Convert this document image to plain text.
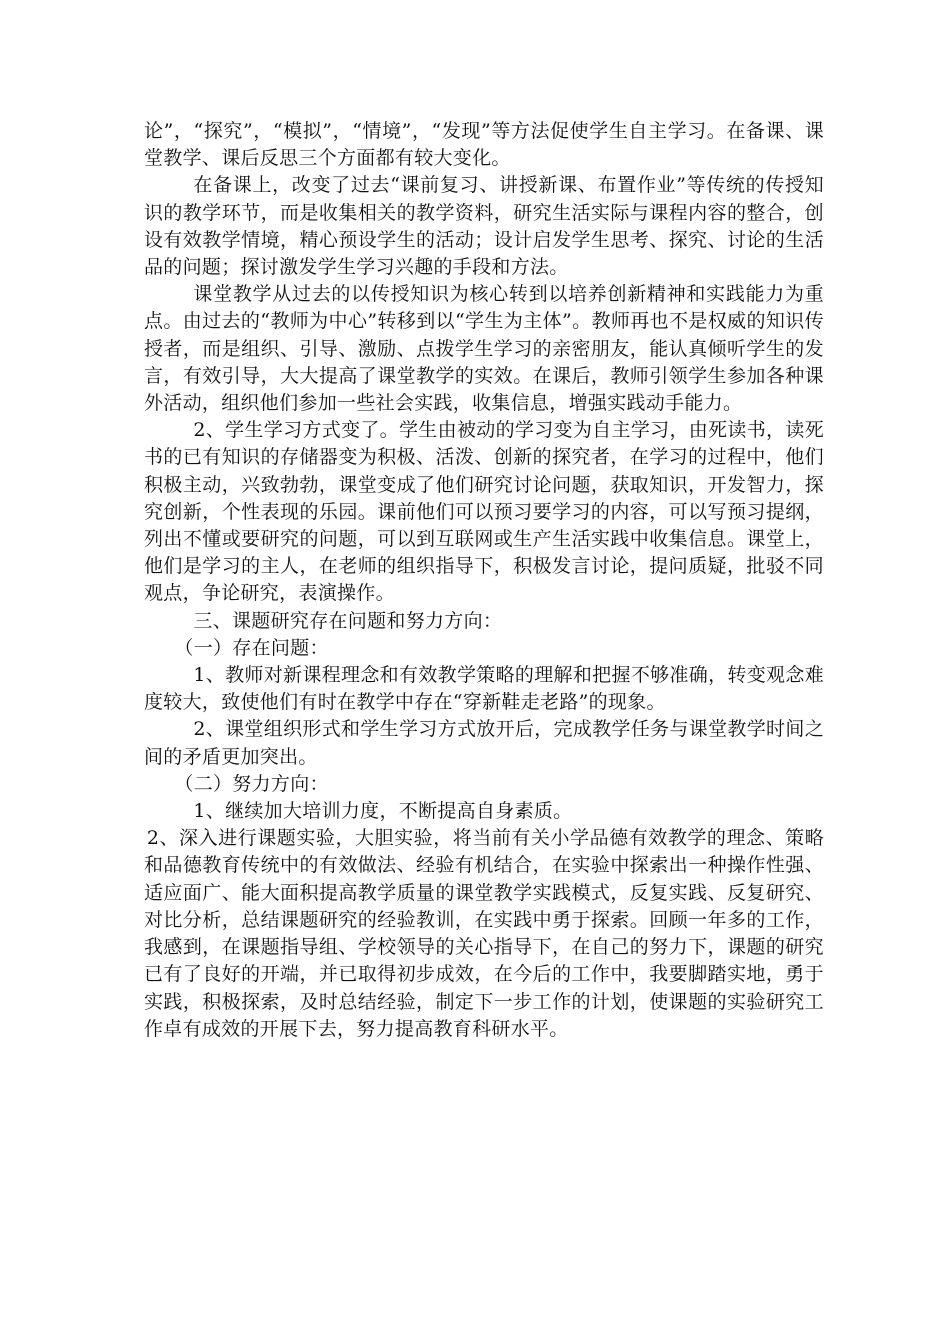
论”，“探究”，“模拟”，“情境”，“发现”等方法促使学生自主学习。在备课、课堂教学、课后反思三个方面都有较大变化。

在备课上，改变了过去“课前复习、讲授新课、布置作业”等传统的传授知识的教学环节，而是收集相关的教学资料，研究生活实际与课程内容的整合，创设有效教学情境，精心预设学生的活动；设计启发学生思考、探究、讨论的生活品的问题；探讨激发学生学习兴趣的手段和方法。

课堂教学从过去的以传授知识为核心转到以培养创新精神和实践能力为重点。由过去的“教师为中心”转移到以“学生为主体”。教师再也不是权威的知识传授者，而是组织、引导、激励、点拨学生学习的亲密朋友，能认真倾听学生的发言，有效引导，大大提高了课堂教学的实效。在课后，教师引领学生参加各种课外活动，组织他们参加一些社会实践，收集信息，增强实践动手能力。

2、学生学习方式变了。学生由被动的学习变为自主学习，由死读书，读死书的已有知识的存储器变为积极、活泼、创新的探究者，在学习的过程中，他们积极主动，兴致勃勃，课堂变成了他们研究讨论问题，获取知识，开发智力，探究创新，个性表现的乐园。课前他们可以预习要学习的内容，可以写预习提纲，列出不懂或要研究的问题，可以到互联网或生产生活实践中收集信息。课堂上，他们是学习的主人，在老师的组织指导下，积极发言讨论，提问质疑，批驳不同观点，争论研究，表演操作。

三、课题研究存在问题和努力方向：

（一）存在问题：

1、教师对新课程理念和有效教学策略的理解和把握不够准确，转变观念难度较大，致使他们有时在教学中存在“穿新鞋走老路”的现象。

2、课堂组织形式和学生学习方式放开后，完成教学任务与课堂教学时间之间的矛盾更加突出。

（二）努力方向：

1、继续加大培训力度，不断提高自身素质。

2、深入进行课题实验，大胆实验，将当前有关小学品德有效教学的理念、策略和品德教育传统中的有效做法、经验有机结合，在实验中探索出一种操作性强、适应面广、能大面积提高教学质量的课堂教学实践模式，反复实践、反复研究、对比分析，总结课题研究的经验教训，在实践中勇于探索。回顾一年多的工作，我感到，在课题指导组、学校领导的关心指导下，在自己的努力下，课题的研究已有了良好的开端，并已取得初步成效，在今后的工作中，我要脚踏实地，勇于实践，积极探索，及时总结经验，制定下一步工作的计划，使课题的实验研究工作卓有成效的开展下去，努力提高教育科研水平。
